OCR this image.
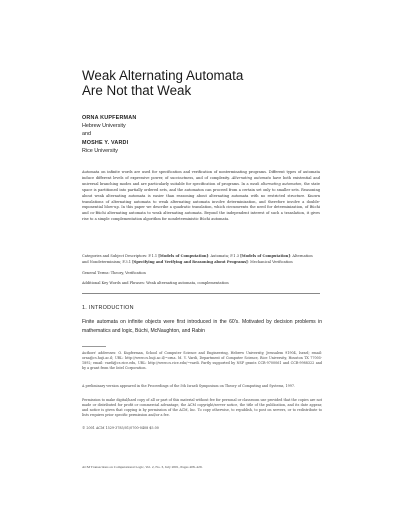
Weak Alternating Automata
Are Not that Weak
ORNA KUPFERMAN
Hebrew University
and
MOSHE Y. VARDI
Rice University
Automata on infinite words are used for specification and verification of nonterminating programs. Different types of automata induce different levels of expressive power, of succinctness, and of complexity. Alternating automata have both existential and universal branching modes and are particularly suitable for specification of programs. In a weak alternating automaton, the state space is partitioned into partially ordered sets, and the automaton can proceed from a certain set only to smaller sets. Reasoning about weak alternating automata is easier than reasoning about alternating automata with no restricted structure. Known translations of alternating automata to weak alternating automata involve determinization, and therefore involve a double-exponential blow-up. In this paper we describe a quadratic translation, which circumvents the need for determinization, of Büchi and co-Büchi alternating automata to weak alternating automata. Beyond the independent interest of such a translation, it gives rise to a simple complementation algorithm for nondeterministic Büchi automata.
Categories and Subject Descriptors: F.1.1 [Models of Computation]: Automata; F.1.3 [Models of Computation]: Alternation and Nondeterminism; F.3.1 [Specifying and Verifying and Reasoning about Programs]: Mechanical Verification
General Terms: Theory, Verification
Additional Key Words and Phrases: Weak alternating automata, complementation
1. INTRODUCTION
Finite automata on infinite objects were first introduced in the 60's. Motivated by decision problems in mathematics and logic, Büchi, McNaughton, and Rabin
Authors' addresses: O. Kupferman, School of Computer Science and Engineering, Hebrew University, Jerusalem 91904, Israel; email: orna@cs.huji.ac.il; URL: http://www.cs.huji.ac.il/~orna. M. Y. Vardi, Department of Computer Science, Rice University, Houston TX 77005-1892; email: vardi@cs.rice.edu, URL: http://www.cs.rice.edu/~vardi. Partly supported by NSF grants CCR-9700061 and CCR-9988322 and by a grant from the Intel Corporation.
A preliminary version appeared in the Proceedings of the 5th Israeli Symposium on Theory of Computing and Systems, 1997.
Permission to make digital/hard copy of all or part of this material without fee for personal or classroom use provided that the copies are not made or distributed for profit or commercial advantage, the ACM copyright/server notice, the title of the publication, and its date appear, and notice is given that copying is by permission of the ACM, Inc. To copy otherwise, to republish, to post on servers, or to redistribute to lists requires prior specific permission and/or a fee.
© 2001 ACM 1529-3785/01/0700-0408 $5.00
ACM Transactions on Computational Logic, Vol. 2, No. 3, July 2001, Pages 408–429.
